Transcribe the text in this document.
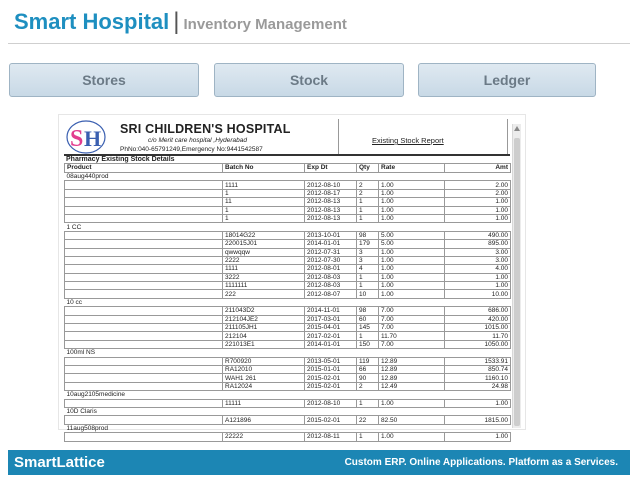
Smart Hospital | Inventory Management
Stores	Stock	Ledger
S H SRI CHILDREN'S HOSPITAL
c/o Merit care hospital ,Hyderabad
PhNo:040-65791249,Emergency No:9441542587
Existing Stock Report
Pharmacy Existing Stock Details
Product	Batch No	Exp Dt	Qty	Rate	Amt
08aug440prod					
	1111	2012-08-10	2	1.00	2.00
	1	2012-08-17	2	1.00	2.00
	11	2012-08-13	1	1.00	1.00
	1	2012-08-13	1	1.00	1.00
	1	2012-08-13	1	1.00	1.00
1 CC					
	18014G22	2013-10-01	98	5.00	490.00
	220015J01	2014-01-01	179	5.00	895.00
	qwwqqw	2012-07-31	3	1.00	3.00
	2222	2012-07-30	3	1.00	3.00
	1111	2012-08-01	4	1.00	4.00
	3222	2012-08-03	1	1.00	1.00
	1111111	2012-08-03	1	1.00	1.00
	222	2012-08-07	10	1.00	10.00
10 cc					
	211043D2	2014-11-01	98	7.00	686.00
	212104JE2	2017-03-01	60	7.00	420.00
	211105JH1	2015-04-01	145	7.00	1015.00
	212104	2017-02-01	1	11.70	11.70
	221013E1	2014-01-01	150	7.00	1050.00
100ml NS					
	R700920	2013-05-01	119	12.89	1533.91
	RA12010	2015-01-01	66	12.89	850.74
	WAH1 261	2015-02-01	90	12.89	1160.10
	RA12024	2015-02-01	2	12.49	24.98
10aug2105medicine					
	11111	2012-08-10	1	1.00	1.00
10D Claris					
	A121896	2015-02-01	22	82.50	1815.00
11aug508prod					
	22222	2012-08-11	1	1.00	1.00
SmartLattice	Custom ERP. Online Applications. Platform as a Services.
